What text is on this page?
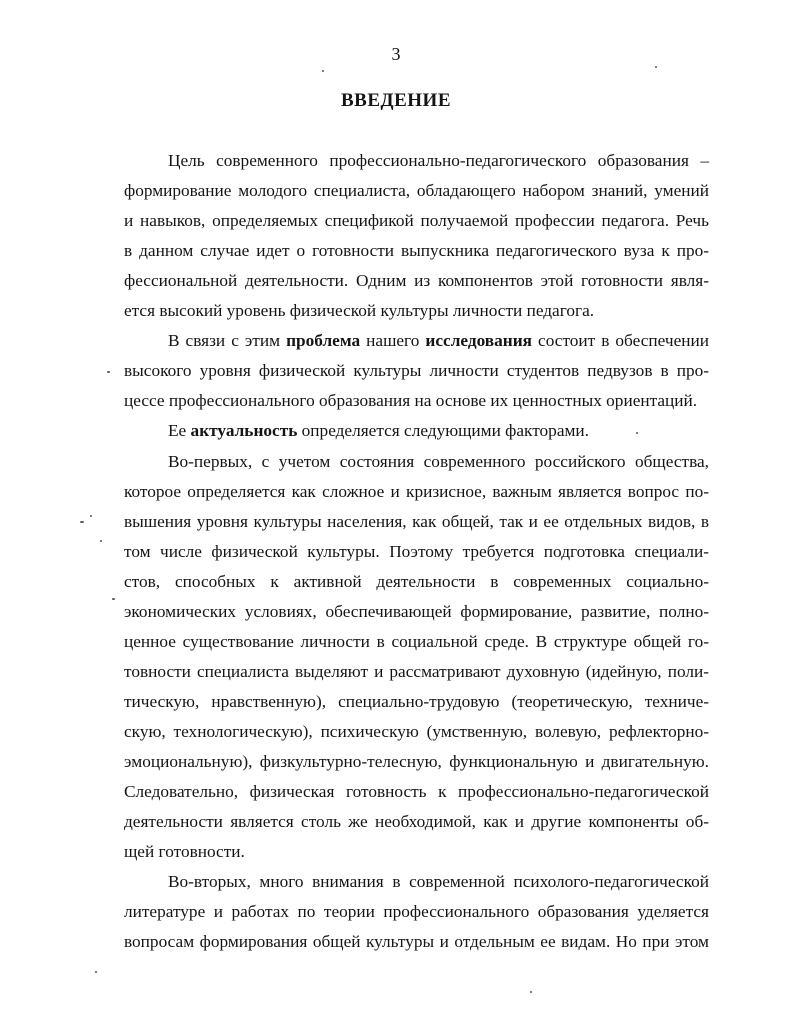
3
ВВЕДЕНИЕ
Цель современного профессионально-педагогического образования –
формирование молодого специалиста, обладающего набором знаний, умений
и навыков, определяемых спецификой получаемой профессии педагога. Речь
в данном случае идет о готовности выпускника педагогического вуза к про-
фессиональной деятельности. Одним из компонентов этой готовности явля-
ется высокий уровень физической культуры личности педагога.
В связи с этим проблема нашего исследования состоит в обеспечении
высокого уровня физической культуры личности студентов педвузов в про-
цессе профессионального образования на основе их ценностных ориентаций.
Ее актуальность определяется следующими факторами.
Во-первых, с учетом состояния современного российского общества,
которое определяется как сложное и кризисное, важным является вопрос по-
вышения уровня культуры населения, как общей, так и ее отдельных видов, в
том числе физической культуры. Поэтому требуется подготовка специали-
стов, способных к активной деятельности в современных социально-
экономических условиях, обеспечивающей формирование, развитие, полно-
ценное существование личности в социальной среде. В структуре общей го-
товности специалиста выделяют и рассматривают духовную (идейную, поли-
тическую, нравственную), специально-трудовую (теоретическую, техниче-
скую, технологическую), психическую (умственную, волевую, рефлекторно-
эмоциональную), физкультурно-телесную, функциональную и двигательную.
Следовательно, физическая готовность к профессионально-педагогической
деятельности является столь же необходимой, как и другие компоненты об-
щей готовности.
Во-вторых, много внимания в современной психолого-педагогической
литературе и работах по теории профессионального образования уделяется
вопросам формирования общей культуры и отдельным ее видам. Но при этом
